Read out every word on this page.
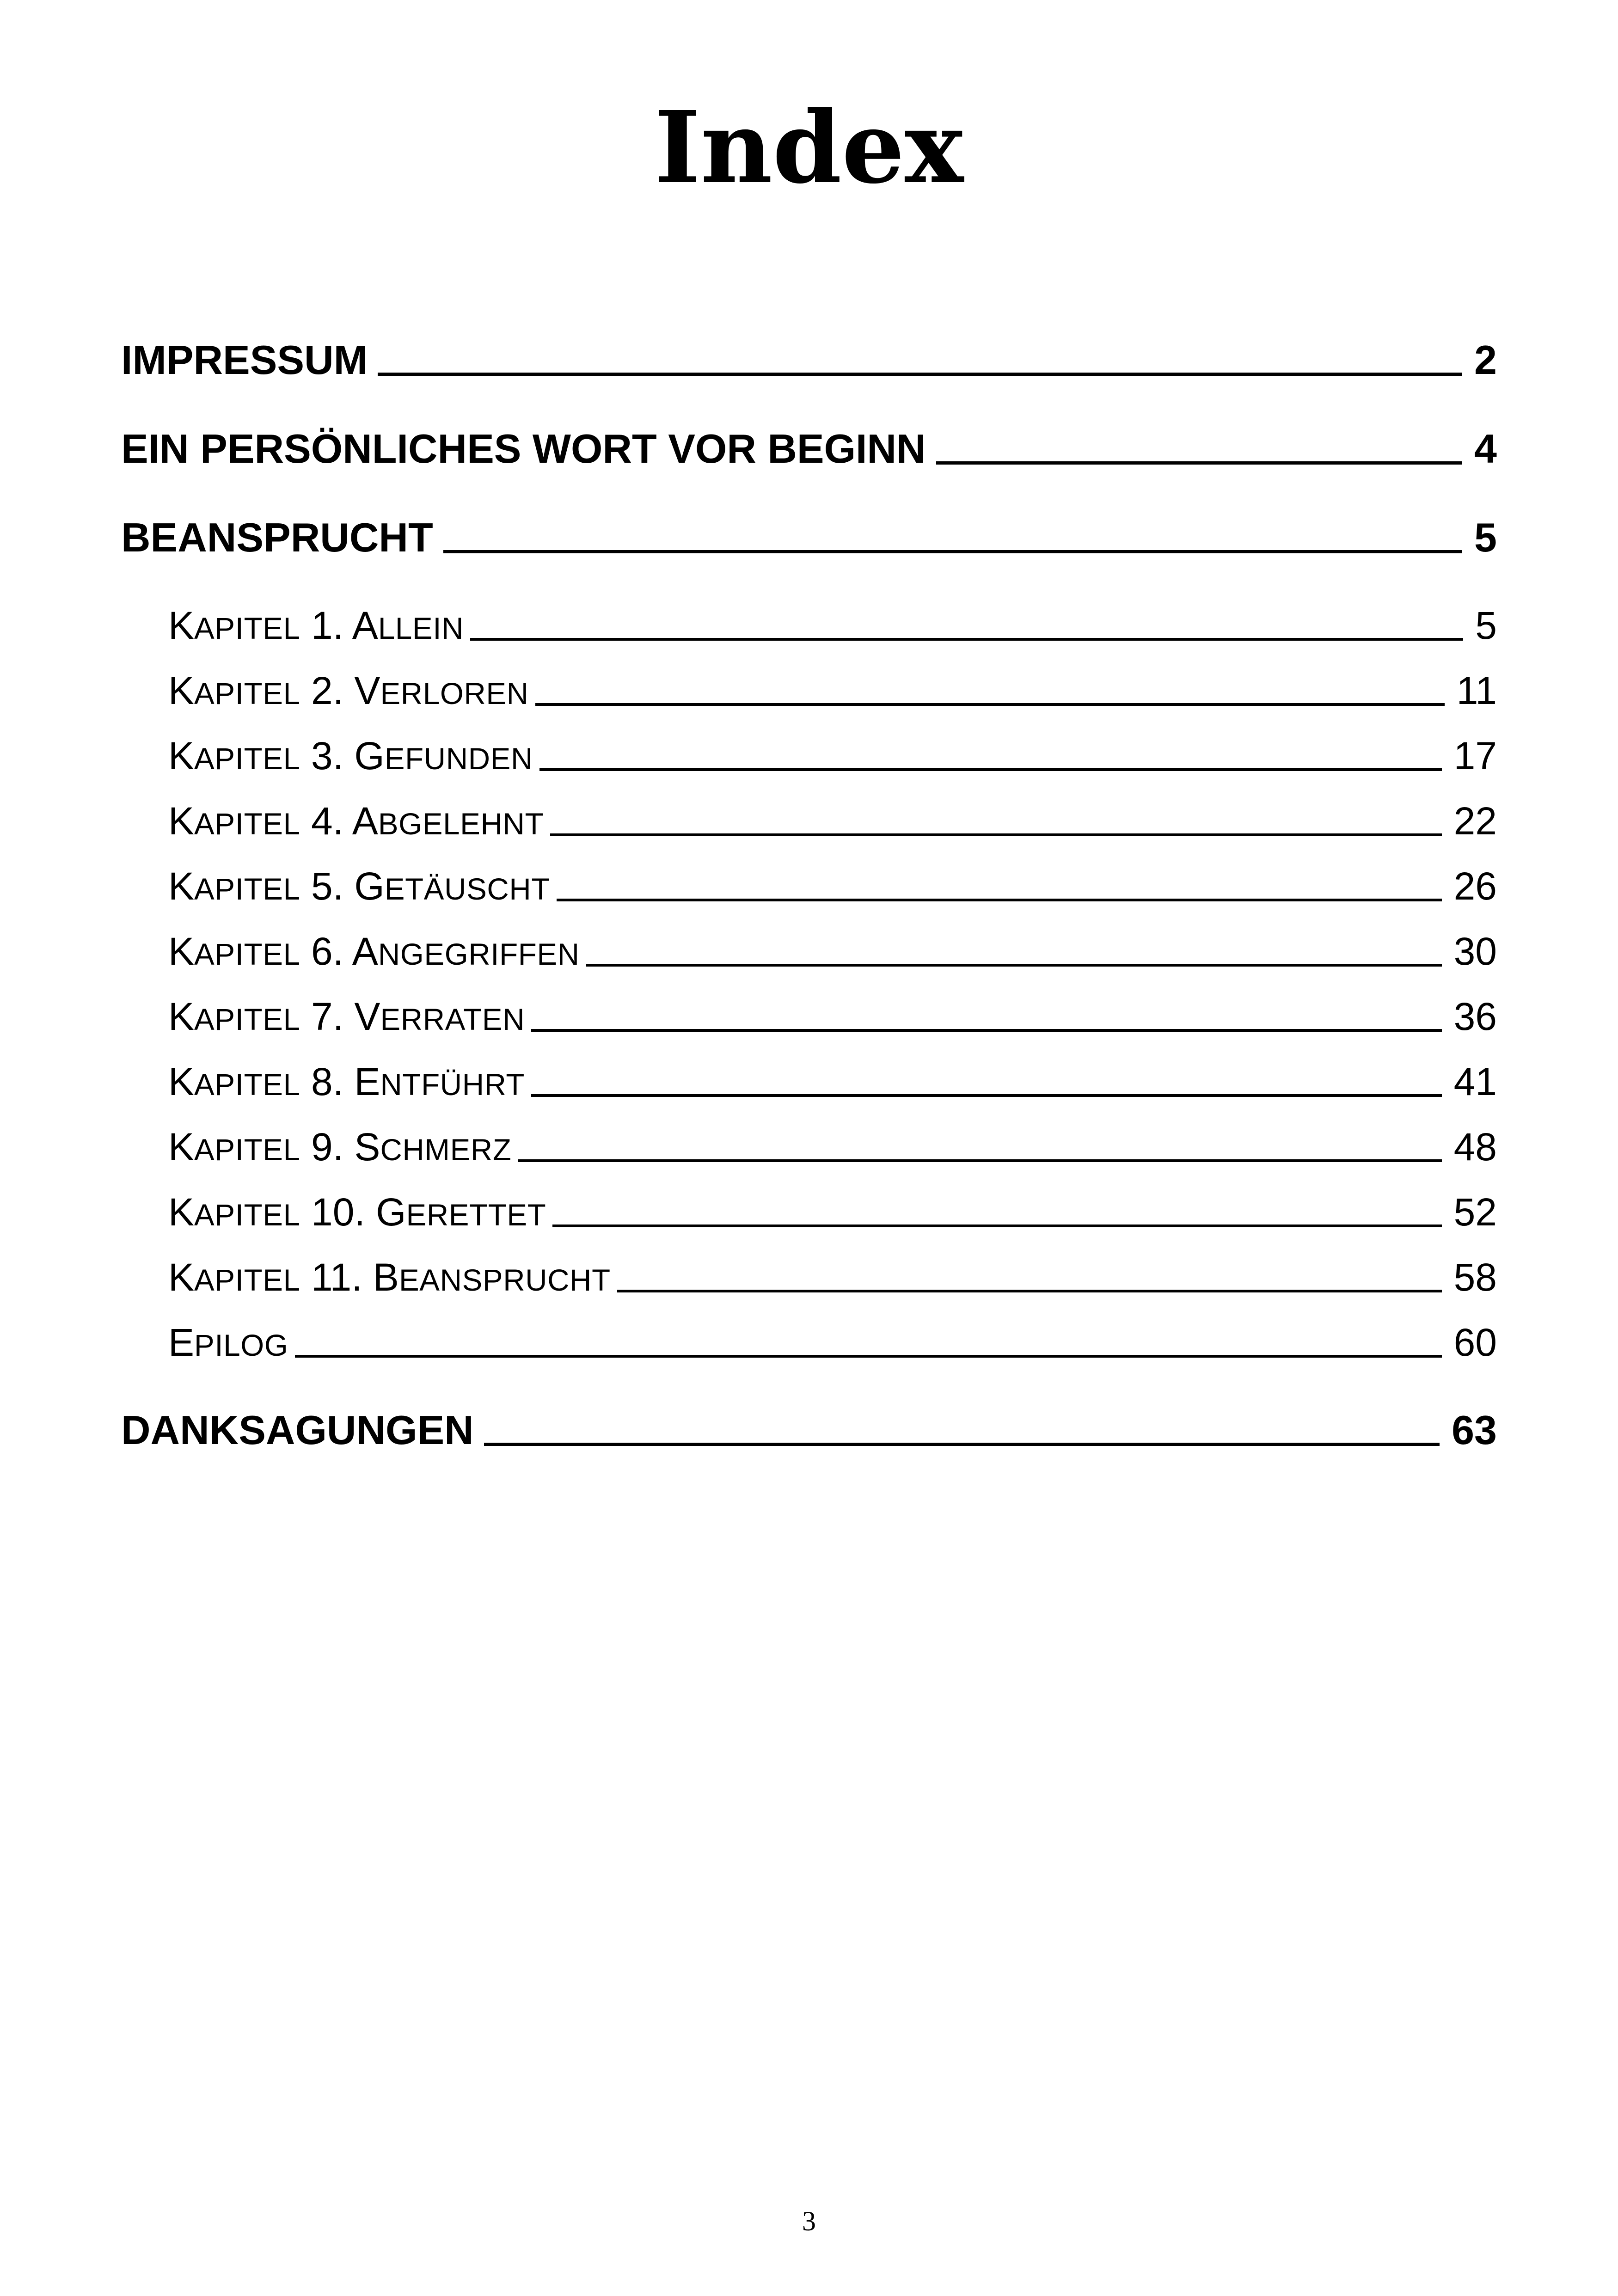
Index
IMPRESSUM	2
EIN PERSÖNLICHES WORT VOR BEGINN	4
BEANSPRUCHT	5
KAPITEL 1. ALLEIN	5
KAPITEL 2. VERLOREN	11
KAPITEL 3. GEFUNDEN	17
KAPITEL 4. ABGELEHNT	22
KAPITEL 5. GETÄUSCHT	26
KAPITEL 6. ANGEGRIFFEN	30
KAPITEL 7. VERRATEN	36
KAPITEL 8. ENTFÜHRT	41
KAPITEL 9. SCHMERZ	48
KAPITEL 10. GERETTET	52
KAPITEL 11. BEANSPRUCHT	58
EPILOG	60
DANKSAGUNGEN	63
3
